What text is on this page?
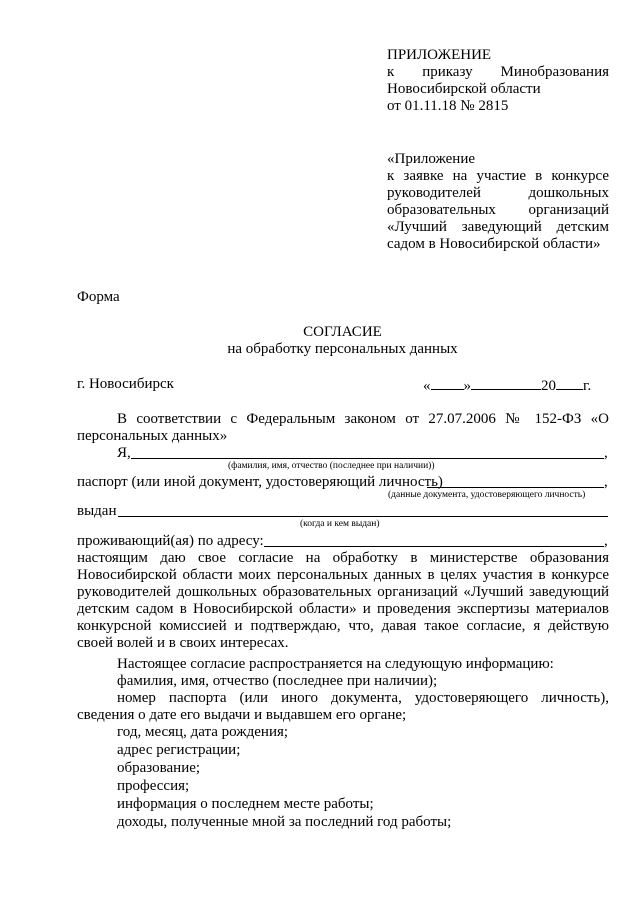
ПРИЛОЖЕНИЕ
к приказу Минобразования
Новосибирской области
от 01.11.18 № 2815
«Приложение
к заявке на участие в конкурсе
руководителей дошкольных
образовательных организаций
«Лучший заведующий детским
садом в Новосибирской области»
Форма
СОГЛАСИЕ
на обработку персональных данных
г. Новосибирск	« »	20 г.
В соответствии с Федеральным законом от 27.07.2006 № 152-ФЗ «О
персональных данных»
Я,	,
(фамилия, имя, отчество (последнее при наличии))
паспорт (или иной документ, удостоверяющий личность)	,
(данные документа, удостоверяющего личность)
выдан
(когда и кем выдан)
проживающий(ая) по адресу:	,
настоящим даю свое согласие на обработку в министерстве образования
Новосибирской области моих персональных данных в целях участия в конкурсе
руководителей дошкольных образовательных организаций «Лучший заведующий
детским садом в Новосибирской области» и проведения экспертизы материалов
конкурсной комиссией и подтверждаю, что, давая такое согласие, я действую
своей волей и в своих интересах.
Настоящее согласие распространяется на следующую информацию:
фамилия, имя, отчество (последнее при наличии);
номер паспорта (или иного документа, удостоверяющего личность),
сведения о дате его выдачи и выдавшем его органе;
год, месяц, дата рождения;
адрес регистрации;
образование;
профессия;
информация о последнем месте работы;
доходы, полученные мной за последний год работы;
